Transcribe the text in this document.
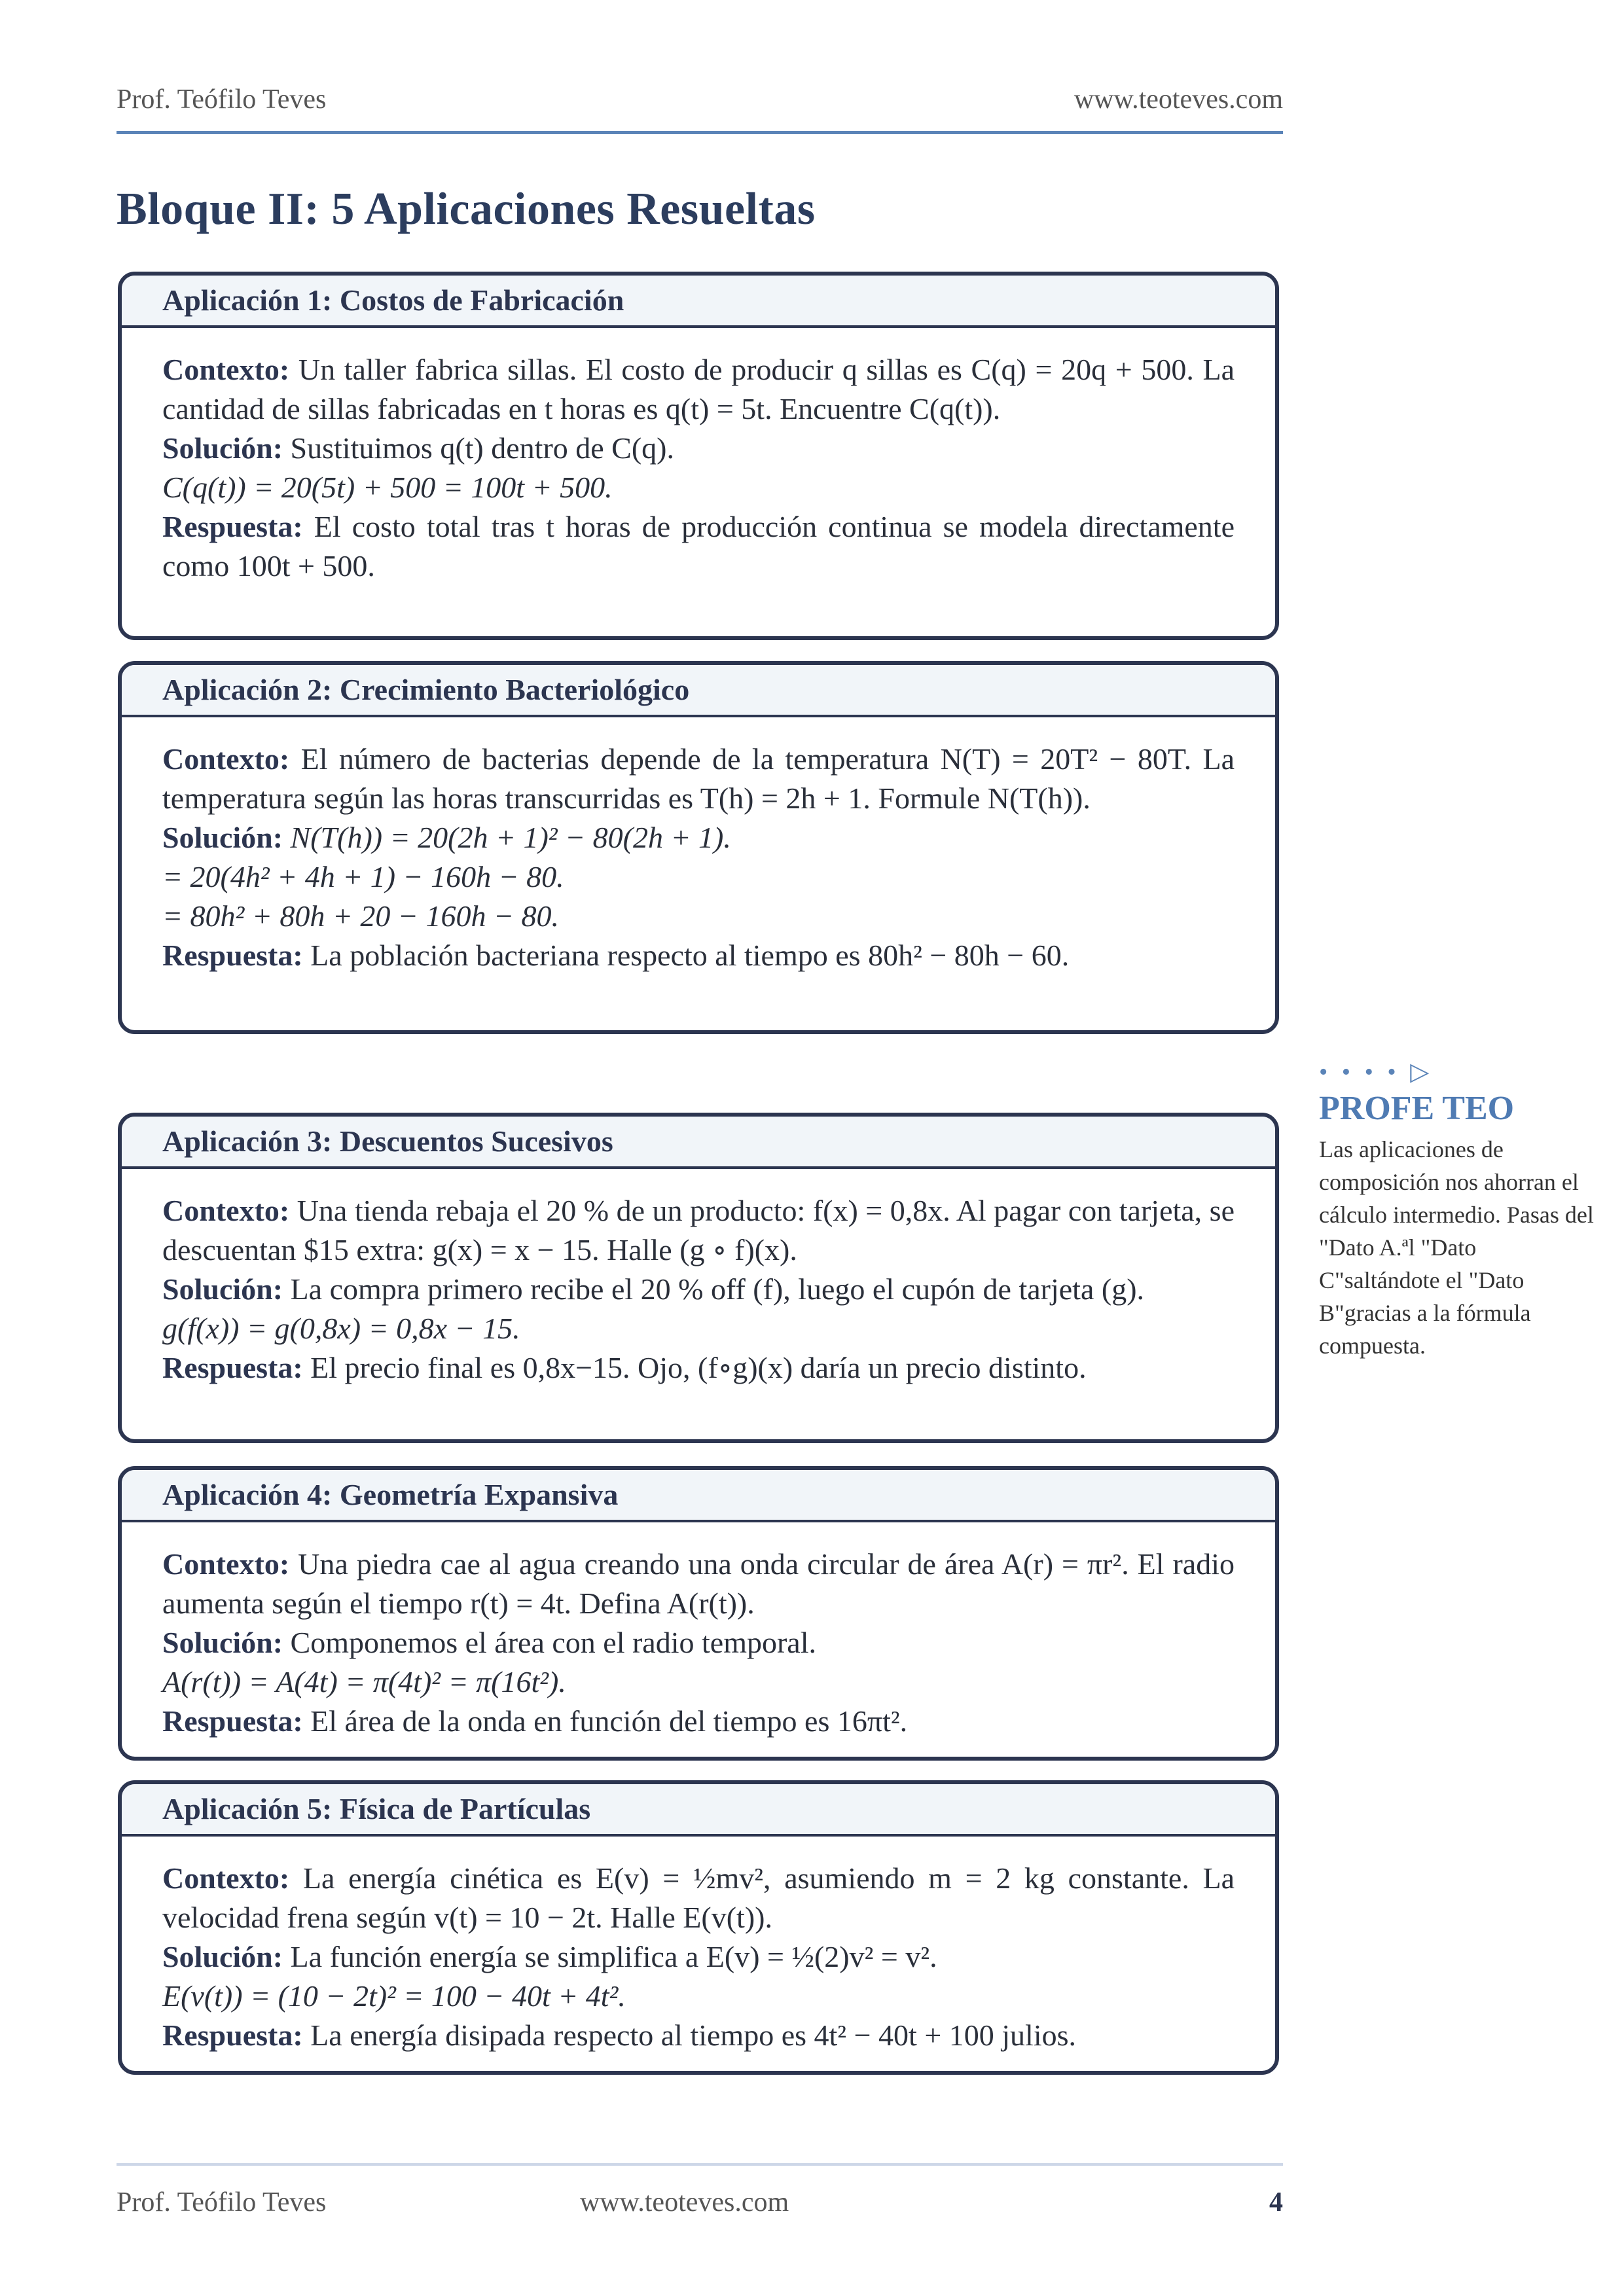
Prof. Teófilo Teves	www.teoteves.com
Bloque II: 5 Aplicaciones Resueltas
Aplicación 1: Costos de Fabricación

Contexto: Un taller fabrica sillas. El costo de producir q sillas es C(q) = 20q + 500. La cantidad de sillas fabricadas en t horas es q(t) = 5t. Encuentre C(q(t)).

Solución: Sustituimos q(t) dentro de C(q).

C(q(t)) = 20(5t) + 500 = 100t + 500.

Respuesta: El costo total tras t horas de producción continua se modela directamente como 100t + 500.

Aplicación 2: Crecimiento Bacteriológico

Contexto: El número de bacterias depende de la temperatura N(T) = 20T² − 80T. La temperatura según las horas transcurridas es T(h) = 2h + 1. Formule N(T(h)).

Solución: N(T(h)) = 20(2h + 1)² − 80(2h + 1).

= 20(4h² + 4h + 1) − 160h − 80.

= 80h² + 80h + 20 − 160h − 80.

Respuesta: La población bacteriana respecto al tiempo es 80h² − 80h − 60.

Aplicación 3: Descuentos Sucesivos

Contexto: Una tienda rebaja el 20 % de un producto: f(x) = 0,8x. Al pagar con tarjeta, se descuentan $15 extra: g(x) = x − 15. Halle (g ∘ f)(x).

Solución: La compra primero recibe el 20 % off (f), luego el cupón de tarjeta (g).

g(f(x)) = g(0,8x) = 0,8x − 15.

Respuesta: El precio final es 0,8x−15. Ojo, (f∘g)(x) daría un precio distinto.

Aplicación 4: Geometría Expansiva

Contexto: Una piedra cae al agua creando una onda circular de área A(r) = πr². El radio aumenta según el tiempo r(t) = 4t. Defina A(r(t)).

Solución: Componemos el área con el radio temporal.

A(r(t)) = A(4t) = π(4t)² = π(16t²).

Respuesta: El área de la onda en función del tiempo es 16πt².

Aplicación 5: Física de Partículas

Contexto: La energía cinética es E(v) = ½mv², asumiendo m = 2 kg constante. La velocidad frena según v(t) = 10 − 2t. Halle E(v(t)).

Solución: La función energía se simplifica a E(v) = ½(2)v² = v².

E(v(t)) = (10 − 2t)² = 100 − 40t + 4t².

Respuesta: La energía disipada respecto al tiempo es 4t² − 40t + 100 julios.

• • • • ▷
PROFE TEO
Las aplicaciones de composición nos ahorran el cálculo intermedio. Pasas del "Dato A.ªl "Dato C"saltándote el "Dato B"gracias a la fórmula compuesta.
Prof. Teófilo Teves	www.teoteves.com	4
